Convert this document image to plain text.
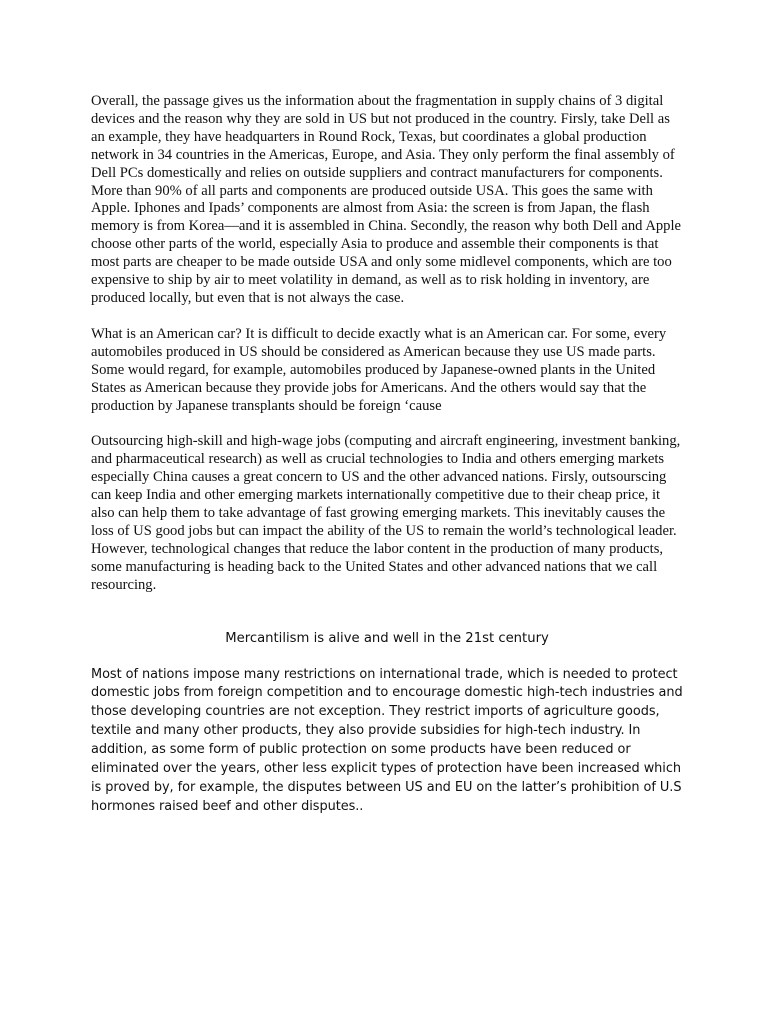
Overall, the passage gives us the information about the fragmentation in supply chains of 3 digital devices and the reason why they are sold in US but not produced in the country. Firsly, take Dell as an example, they have headquarters in Round Rock, Texas, but coordinates a global production network in 34 countries in the Americas, Europe, and Asia. They only perform the final assembly of Dell PCs domestically and relies on outside suppliers and contract manufacturers for components. More than 90% of all parts and components are produced outside USA. This goes the same with Apple. Iphones and Ipads’ components are almost from Asia: the screen is from Japan, the flash memory is from Korea—and it is assembled in China. Secondly, the reason why both Dell and Apple choose other parts of the world, especially Asia to produce and assemble their components is that most parts are cheaper to be made outside USA and only some midlevel components, which are too expensive to ship by air to meet volatility in demand, as well as to risk holding in inventory, are produced locally, but even that is not always the case.

What is an American car? It is difficult to decide exactly what is an American car. For some, every automobiles produced in US should be considered as American because they use US made parts. Some would regard, for example, automobiles produced by Japanese-owned plants in the United States as American because they provide jobs for Americans. And the others would say that the production by Japanese transplants should be foreign ‘cause

Outsourcing high-skill and high-wage jobs (computing and aircraft engineering, investment banking, and pharmaceutical research) as well as crucial technologies to India and others emerging markets especially China causes a great concern to US and the other advanced nations. Firsly, outsourscing can keep India and other emerging markets internationally competitive due to their cheap price, it also can help them to take advantage of fast growing emerging markets. This inevitably causes the loss of US good jobs but can impact the ability of the US to remain the world’s technological leader. However, technological changes that reduce the labor content in the production of many products, some manufacturing is heading back to the United States and other advanced nations that we call resourcing.

Mercantilism is alive and well in the 21st century

Most of nations impose many restrictions on international trade, which is needed to protect domestic jobs from foreign competition and to encourage domestic high-tech industries and those developing countries are not exception. They restrict imports of agriculture goods, textile and many other products, they also provide subsidies for high-tech industry. In addition, as some form of public protection on some products have been reduced or eliminated over the years, other less explicit types of protection have been increased which is proved by, for example, the disputes between US and EU on the latter’s prohibition of U.S hormones raised beef and other disputes..
